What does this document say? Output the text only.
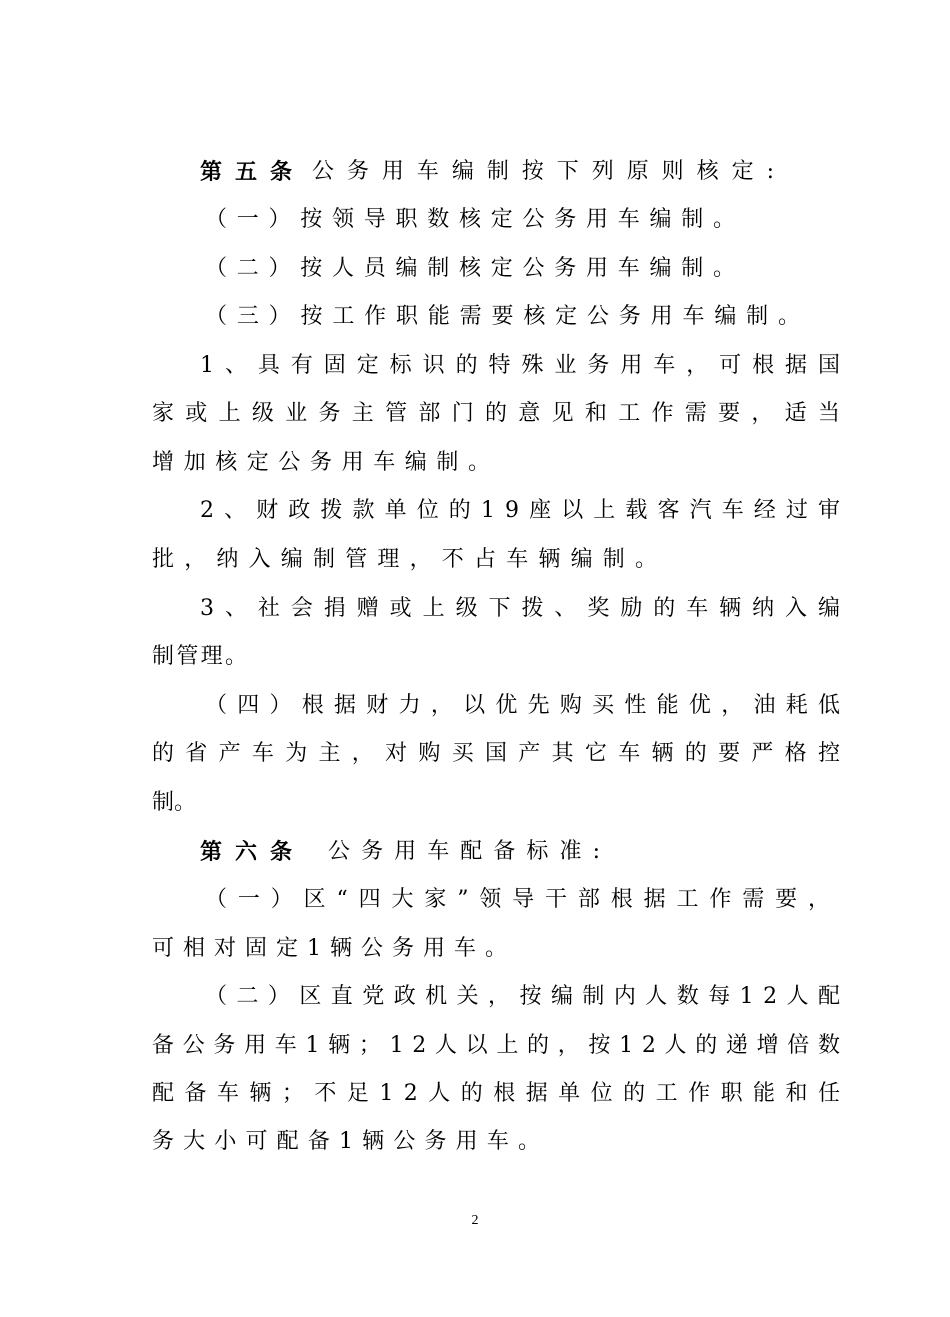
第五条 公务用车编制按下列原则核定:
（一）按领导职数核定公务用车编制。
（二）按人员编制核定公务用车编制。
（三）按工作职能需要核定公务用车编制。
1、具有固定标识的特殊业务用车，可根据国
家或上级业务主管部门的意见和工作需要，适当
增加核定公务用车编制。
2、财政拨款单位的19座以上载客汽车经过审
批，纳入编制管理，不占车辆编制。
3、社会捐赠或上级下拨、奖励的车辆纳入编
制管理。
（四）根据财力，以优先购买性能优，油耗低
的省产车为主，对购买国产其它车辆的要严格控
制。
第六条 公务用车配备标准:
（一）区“四大家”领导干部根据工作需要，
可相对固定1辆公务用车。
（二）区直党政机关，按编制内人数每12人配
备公务用车1辆；12人以上的，按12人的递增倍数
配备车辆；不足12人的根据单位的工作职能和任
务大小可配备1辆公务用车。
2
